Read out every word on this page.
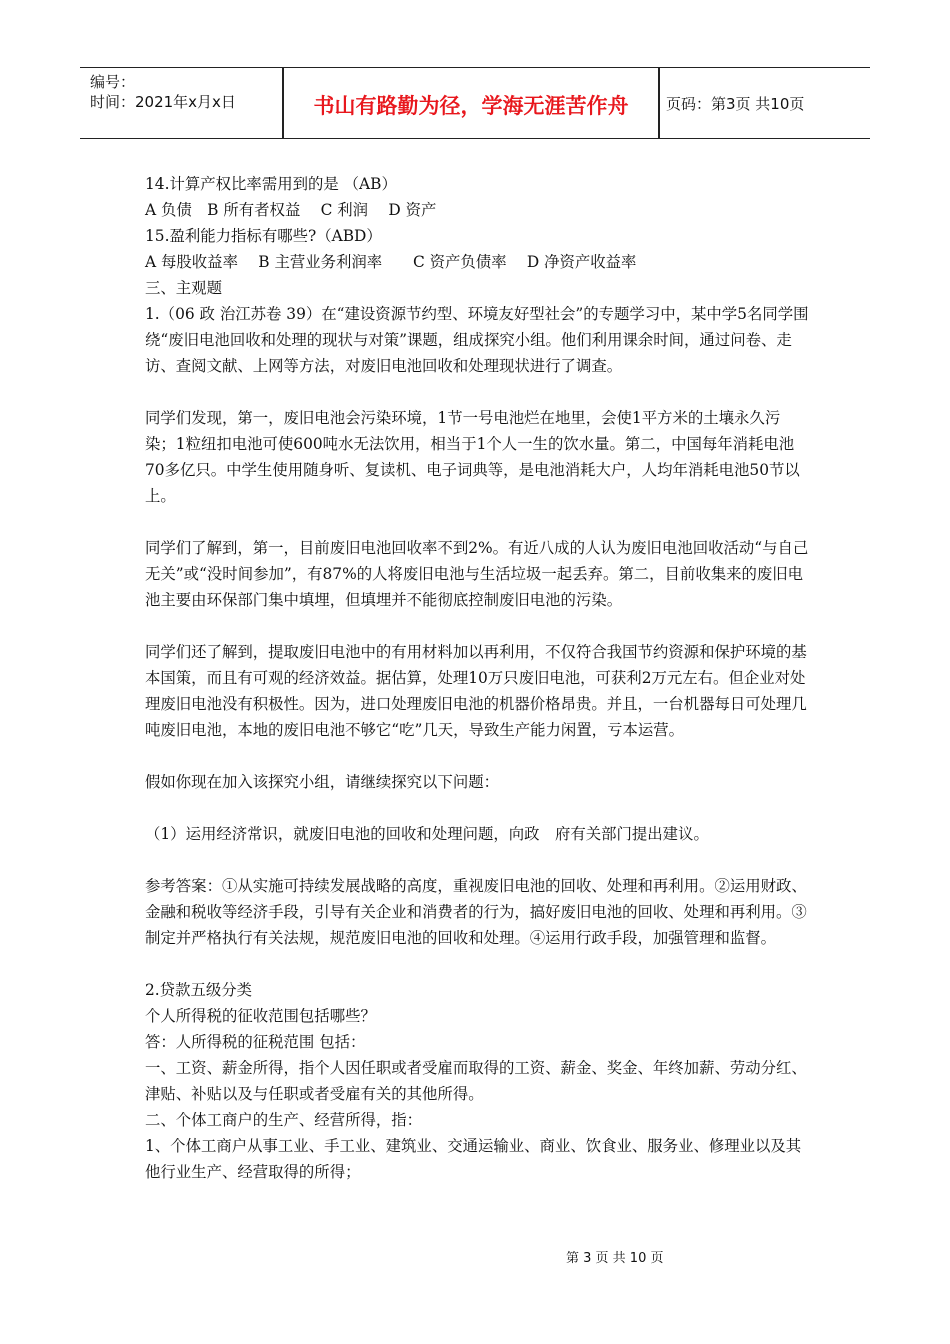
编号：
时间：2021年x月x日	书山有路勤为径，学海无涯苦作舟	页码：第3页 共10页

14.计算产权比率需用到的是 （AB）

A 负债　B 所有者权益　 C 利润　 D 资产

15.盈利能力指标有哪些?（ABD）

A 每股收益率　 B 主营业务利润率　　C 资产负债率　 D 净资产收益率

三、主观题

1.（06 政 治江苏卷 39）在“建设资源节约型、环境友好型社会”的专题学习中，某中学5名同学围绕“废旧电池回收和处理的现状与对策”课题，组成探究小组。他们利用课余时间，通过问卷、走访、查阅文献、上网等方法，对废旧电池回收和处理现状进行了调查。

同学们发现，第一，废旧电池会污染环境，1节一号电池烂在地里，会使1平方米的土壤永久污染；1粒纽扣电池可使600吨水无法饮用，相当于1个人一生的饮水量。第二，中国每年消耗电池70多亿只。中学生使用随身听、复读机、电子词典等，是电池消耗大户，人均年消耗电池50节以上。

同学们了解到，第一，目前废旧电池回收率不到2%。有近八成的人认为废旧电池回收活动“与自己无关”或“没时间参加”，有87%的人将废旧电池与生活垃圾一起丢弃。第二，目前收集来的废旧电池主要由环保部门集中填埋，但填埋并不能彻底控制废旧电池的污染。

同学们还了解到，提取废旧电池中的有用材料加以再利用，不仅符合我国节约资源和保护环境的基本国策，而且有可观的经济效益。据估算，处理10万只废旧电池，可获利2万元左右。但企业对处理废旧电池没有积极性。因为，进口处理废旧电池的机器价格昂贵。并且，一台机器每日可处理几吨废旧电池，本地的废旧电池不够它“吃”几天，导致生产能力闲置，亏本运营。

假如你现在加入该探究小组，请继续探究以下问题：

（1）运用经济常识，就废旧电池的回收和处理问题，向政　府有关部门提出建议。

参考答案：①从实施可持续发展战略的高度，重视废旧电池的回收、处理和再利用。②运用财政、金融和税收等经济手段，引导有关企业和消费者的行为，搞好废旧电池的回收、处理和再利用。③制定并严格执行有关法规，规范废旧电池的回收和处理。④运用行政手段，加强管理和监督。

2.贷款五级分类

个人所得税的征收范围包括哪些？

答：人所得税的征税范围 包括：

一、工资、薪金所得，指个人因任职或者受雇而取得的工资、薪金、奖金、年终加薪、劳动分红、津贴、补贴以及与任职或者受雇有关的其他所得。

二、个体工商户的生产、经营所得，指：

1、个体工商户从事工业、手工业、建筑业、交通运输业、商业、饮食业、服务业、修理业以及其他行业生产、经营取得的所得；

第 3 页 共 10 页
